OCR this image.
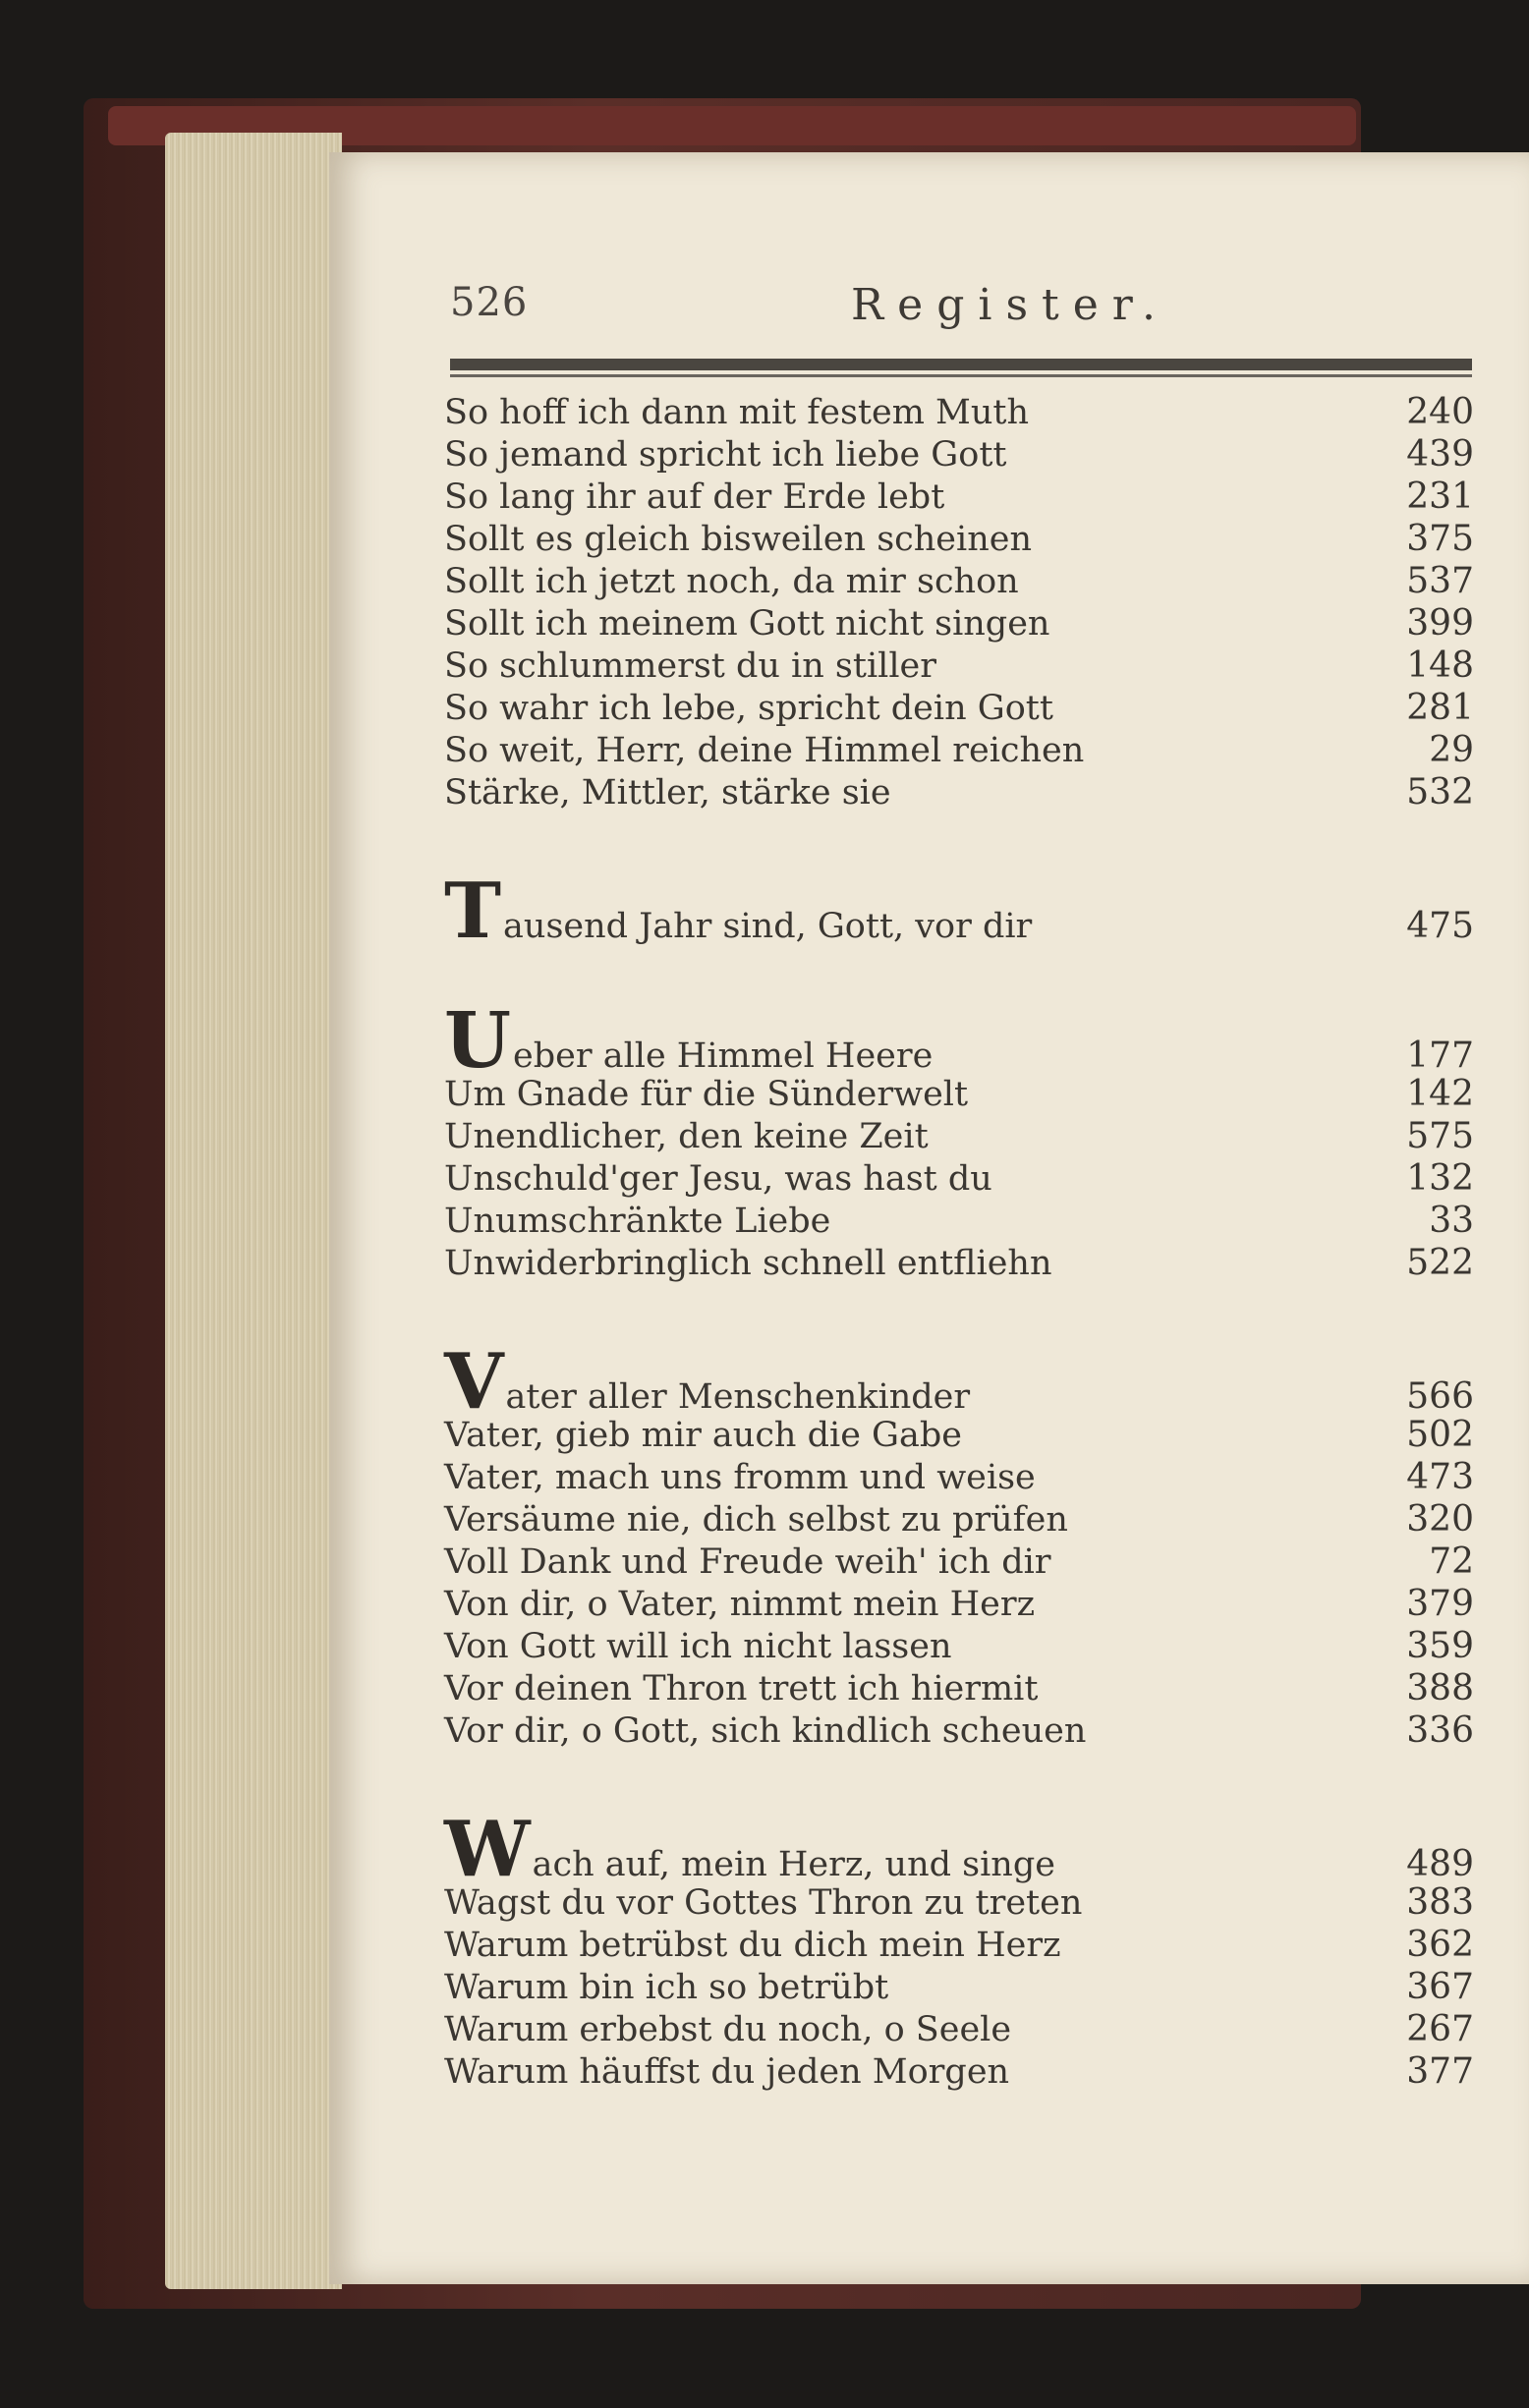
526	Register.
So hoff ich dann mit festem Muth	240
So jemand spricht ich liebe Gott	439
So lang ihr auf der Erde lebt	231
Sollt es gleich bisweilen scheinen	375
Sollt ich jetzt noch, da mir schon	537
Sollt ich meinem Gott nicht singen	399
So schlummerst du in stiller	148
So wahr ich lebe, spricht dein Gott	281
So weit, Herr, deine Himmel reichen	29
Stärke, Mittler, stärke sie	532
Tausend Jahr sind, Gott, vor dir	475
Ueber alle Himmel Heere	177
Um Gnade für die Sünderwelt	142
Unendlicher, den keine Zeit	575
Unschuld'ger Jesu, was hast du	132
Unumschränkte Liebe	33
Unwiderbringlich schnell entfliehn	522
Vater aller Menschenkinder	566
Vater, gieb mir auch die Gabe	502
Vater, mach uns fromm und weise	473
Versäume nie, dich selbst zu prüfen	320
Voll Dank und Freude weih' ich dir	72
Von dir, o Vater, nimmt mein Herz	379
Von Gott will ich nicht lassen	359
Vor deinen Thron trett ich hiermit	388
Vor dir, o Gott, sich kindlich scheuen	336
Wach auf, mein Herz, und singe	489
Wagst du vor Gottes Thron zu treten	383
Warum betrübst du dich mein Herz	362
Warum bin ich so betrübt	367
Warum erbebst du noch, o Seele	267
Warum häuffst du jeden Morgen	377
